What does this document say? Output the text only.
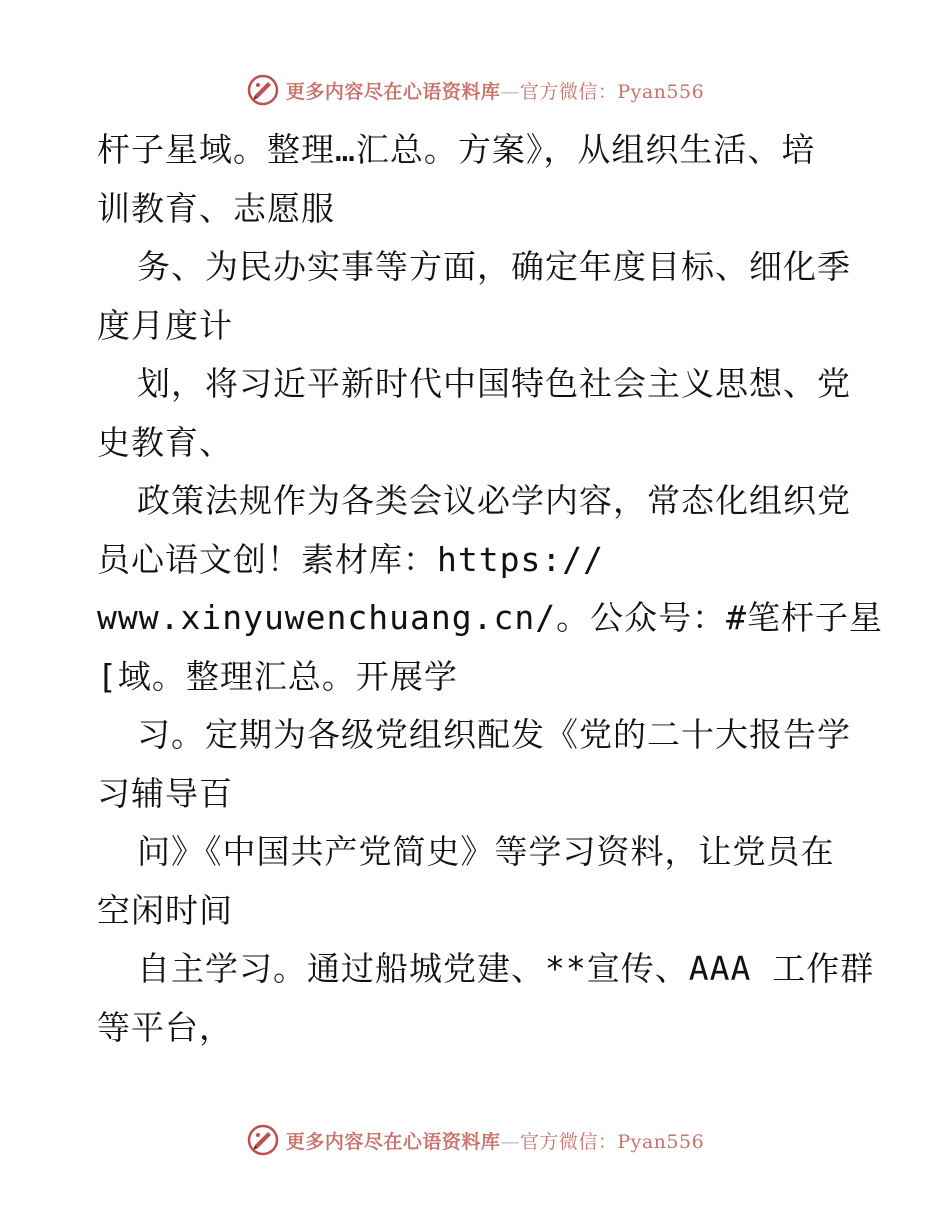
更多内容尽在心语资料库—官方微信：Pyan556
杆子星域。整理…汇总。方案》，从组织生活、培
训教育、志愿服
务、为民办实事等方面，确定年度目标、细化季
度月度计
划，将习近平新时代中国特色社会主义思想、党
史教育、
政策法规作为各类会议必学内容，常态化组织党
员心语文创！素材库：https://
www.xinyuwenchuang.cn/。公众号：#笔杆子星
[域。整理汇总。开展学
习。定期为各级党组织配发《党的二十大报告学
习辅导百
问》《中国共产党简史》等学习资料，让党员在
空闲时间
自主学习。通过船城党建、**宣传、AAA 工作群
等平台，
更多内容尽在心语资料库—官方微信：Pyan556
